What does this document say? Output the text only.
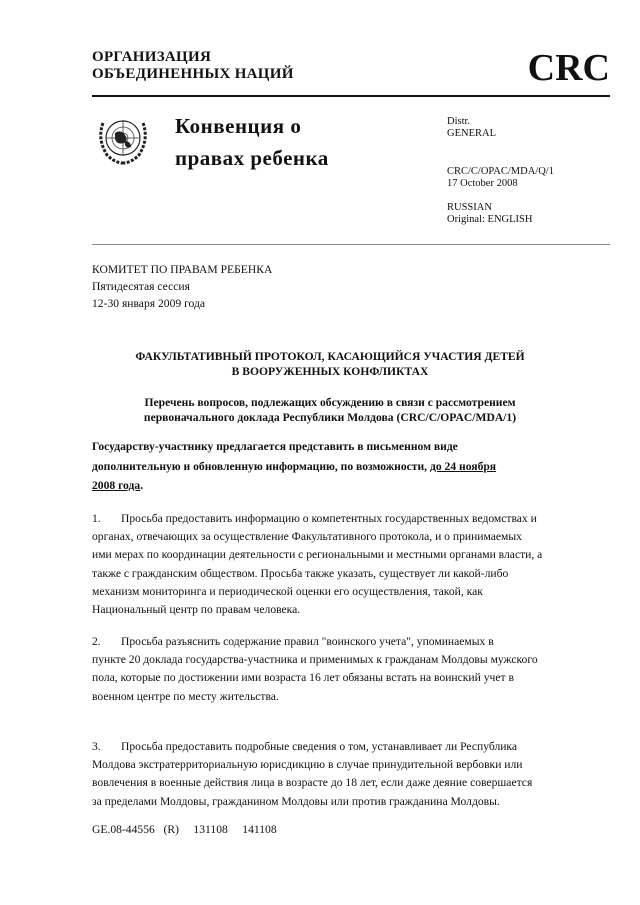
ОРГАНИЗАЦИЯ
ОБЪЕДИНЕННЫХ НАЦИЙ	CRC
Конвенция о
правах ребенка
Distr.
GENERAL
CRC/C/OPAC/MDA/Q/1
17 October 2008
RUSSIAN
Original: ENGLISH
КОМИТЕТ ПО ПРАВАМ РЕБЕНКА
Пятидесятая сессия
12-30 января 2009 года
ФАКУЛЬТАТИВНЫЙ ПРОТОКОЛ, КАСАЮЩИЙСЯ УЧАСТИЯ ДЕТЕЙ
В ВООРУЖЕННЫХ КОНФЛИКТАХ
Перечень вопросов, подлежащих обсуждению в связи с рассмотрением
первоначального доклада Республики Молдова (CRC/C/OPAC/MDA/1)
Государству-участнику предлагается представить в письменном виде
дополнительную и обновленную информацию, по возможности, до 24 ноября
2008 года.
1. Просьба предоставить информацию о компетентных государственных ведомствах и
органах, отвечающих за осуществление Факультативного протокола, и о принимаемых
ими мерах по координации деятельности с региональными и местными органами власти, а
также с гражданским обществом. Просьба также указать, существует ли какой-либо
механизм мониторинга и периодической оценки его осуществления, такой, как
Национальный центр по правам человека.
2. Просьба разъяснить содержание правил "воинского учета", упоминаемых в
пункте 20 доклада государства-участника и применимых к гражданам Молдовы мужского
пола, которые по достижении ими возраста 16 лет обязаны встать на воинский учет в
военном центре по месту жительства.
3. Просьба предоставить подробные сведения о том, устанавливает ли Республика
Молдова экстратерриториальную юрисдикцию в случае принудительной вербовки или
вовлечения в военные действия лица в возрасте до 18 лет, если даже деяние совершается
за пределами Молдовы, гражданином Молдовы или против гражданина Молдовы.
GE.08-44556   (R)     131108     141108
